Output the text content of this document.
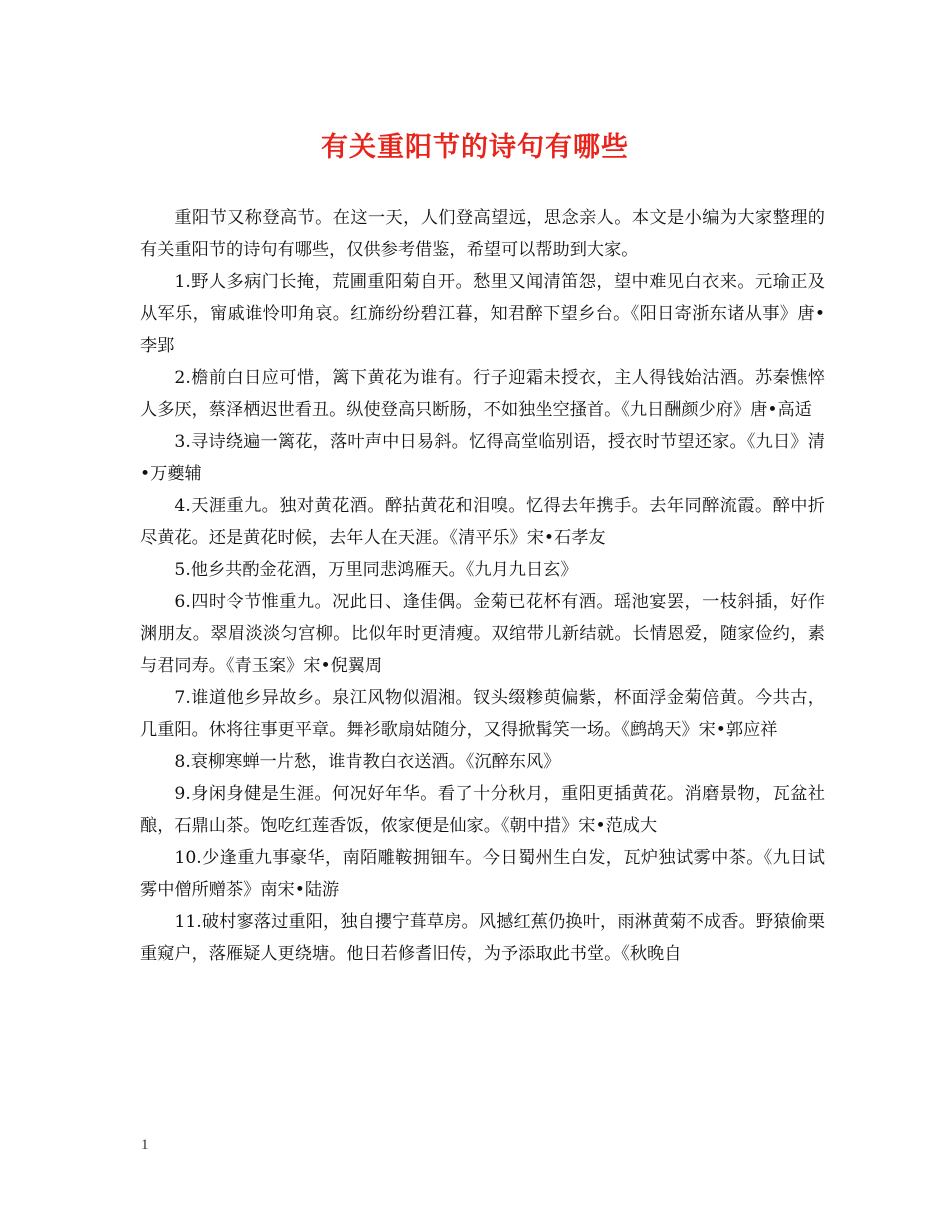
有关重阳节的诗句有哪些

重阳节又称登高节。在这一天，人们登高望远，思念亲人。本文是小编为大家整理的有关重阳节的诗句有哪些，仅供参考借鉴，希望可以帮助到大家。

1.野人多病门长掩，荒圃重阳菊自开。愁里又闻清笛怨，望中难见白衣来。元瑜正及从军乐，甯戚谁怜叩角哀。红旆纷纷碧江暮，知君醉下望乡台。《阳日寄浙东诸从事》唐•李郢

2.檐前白日应可惜，篱下黄花为谁有。行子迎霜未授衣，主人得钱始沽酒。苏秦憔悴人多厌，蔡泽栖迟世看丑。纵使登高只断肠，不如独坐空搔首。《九日酬颜少府》唐•高适

3.寻诗绕遍一篱花，落叶声中日易斜。忆得高堂临别语，授衣时节望还家。《九日》清•万夔辅

4.天涯重九。独对黄花酒。醉拈黄花和泪嗅。忆得去年携手。去年同醉流霞。醉中折尽黄花。还是黄花时候，去年人在天涯。《清平乐》宋•石孝友

5.他乡共酌金花酒，万里同悲鸿雁天。《九月九日玄》

6.四时令节惟重九。况此日、逢佳偶。金菊已花杯有酒。瑶池宴罢，一枝斜插，好作渊朋友。翠眉淡淡匀宫柳。比似年时更清瘦。双绾带儿新结就。长情恩爱，随家俭约，素与君同寿。《青玉案》宋•倪翼周

7.谁道他乡异故乡。泉江风物似湄湘。钗头缀糁萸偏紫，杯面浮金菊倍黄。今共古，几重阳。休将往事更平章。舞衫歌扇姑随分，又得掀髯笑一场。《鹧鸪天》宋•郭应祥

8.衰柳寒蝉一片愁，谁肯教白衣送酒。《沉醉东风》

9.身闲身健是生涯。何况好年华。看了十分秋月，重阳更插黄花。消磨景物，瓦盆社酿，石鼎山茶。饱吃红莲香饭，侬家便是仙家。《朝中措》宋•范成大

10.少逢重九事豪华，南陌雕鞍拥钿车。今日蜀州生白发，瓦炉独试雾中茶。《九日试雾中僧所赠茶》南宋•陆游

11.破村寥落过重阳，独自攖宁葺草房。风撼红蕉仍换叶，雨淋黄菊不成香。野猿偷栗重窥户，落雁疑人更绕塘。他日若修耆旧传，为予添取此书堂。《秋晚自

1
